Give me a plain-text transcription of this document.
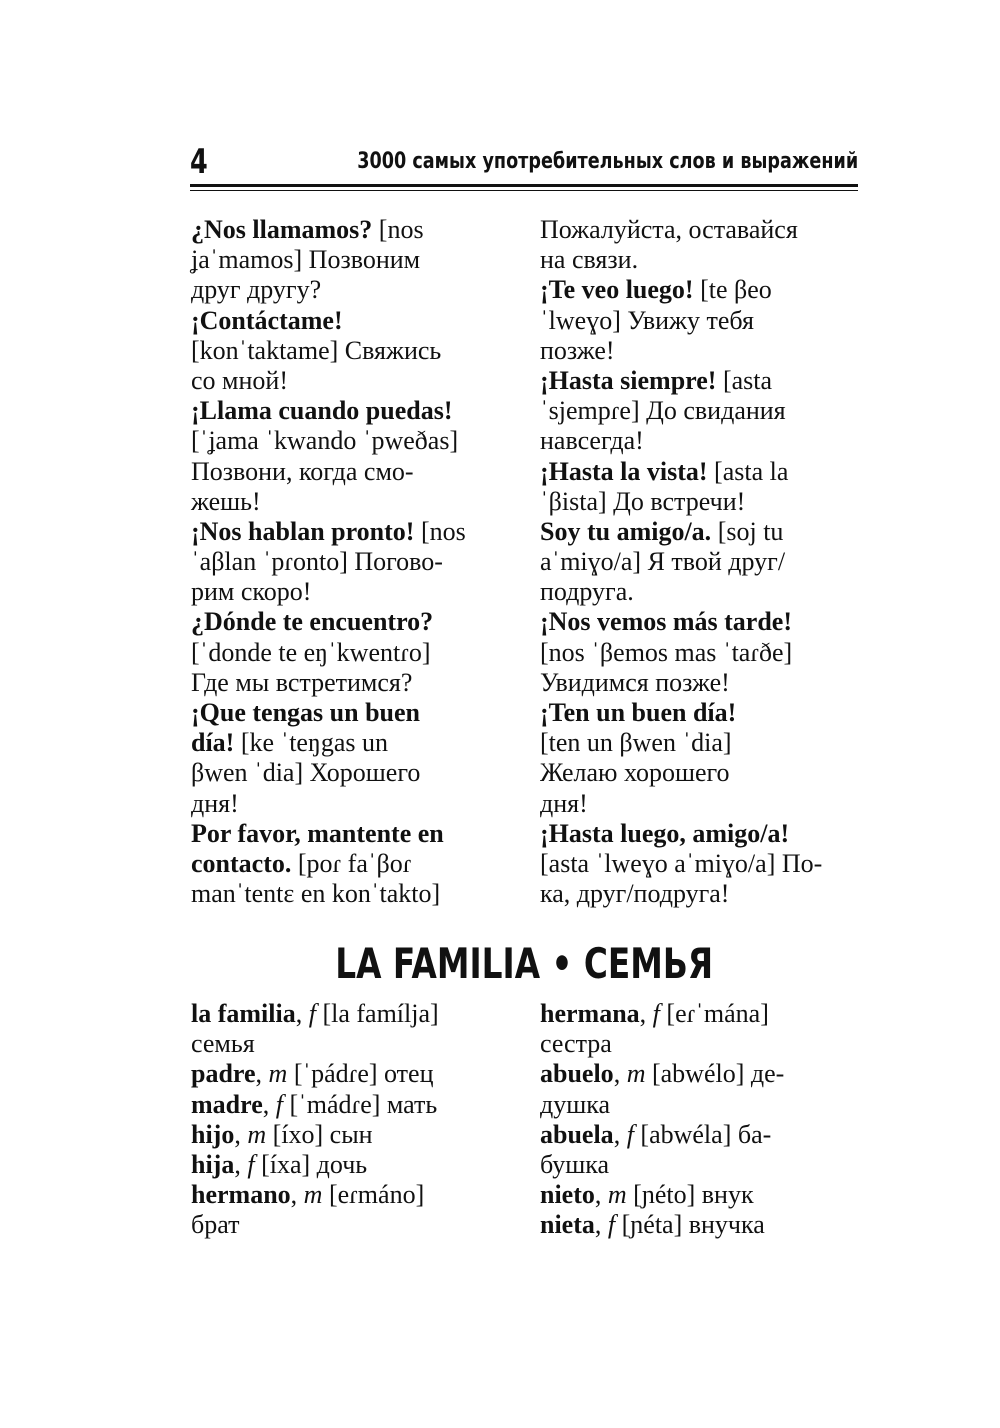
4	3000 самых употребительных слов и выражений
¿Nos llamamos? [nos
ʝaˈmamos] Позвоним
друг другу?
¡Contáctame!
[konˈtaktame] Свяжись
со мной!
¡Llama cuando puedas!
[ˈʝama ˈkwando ˈpweðas]
Позвони, когда смо-
жешь!
¡Nos hablan pronto! [nos
ˈaβlan ˈpɾonto] Погово-
рим скоро!
¿Dónde te encuentro?
[ˈdonde te eŋˈkwentɾo]
Где мы встретимся?
¡Que tengas un buen
día! [ke ˈteŋgas un
βwen ˈdia] Хорошего
дня!
Por favor, mantente en
contacto. [poɾ faˈβoɾ
manˈtentɛ en konˈtakto]
Пожалуйста, оставайся
на связи.
¡Te veo luego! [te βeo
ˈlweɣo] Увижу тебя
позже!
¡Hasta siempre! [asta
ˈsjempɾe] До свидания
навсегда!
¡Hasta la vista! [asta la
ˈβista] До встречи!
Soy tu amigo/a. [soj tu
aˈmiɣo/a] Я твой друг/
подруга.
¡Nos vemos más tarde!
[nos ˈβemos mas ˈtaɾðe]
Увидимся позже!
¡Ten un buen día!
[ten un βwen ˈdia]
Желаю хорошего
дня!
¡Hasta luego, amigo/a!
[asta ˈlweɣo aˈmiɣo/a] По-
ка, друг/подруга!
LA FAMILIA • СЕМЬЯ
la familia, f [la famílja]
семья
padre, m [ˈpádɾe] отец
madre, f [ˈmádɾe] мать
hijo, m [íxo] сын
hija, f [íxa] дочь
hermano, m [eɾmáno]
брат
hermana, f [eɾˈmána]
сестра
abuelo, m [abwélo] де-
душка
abuela, f [abwéla] ба-
бушка
nieto, m [ɲéto] внук
nieta, f [ɲéta] внучка
